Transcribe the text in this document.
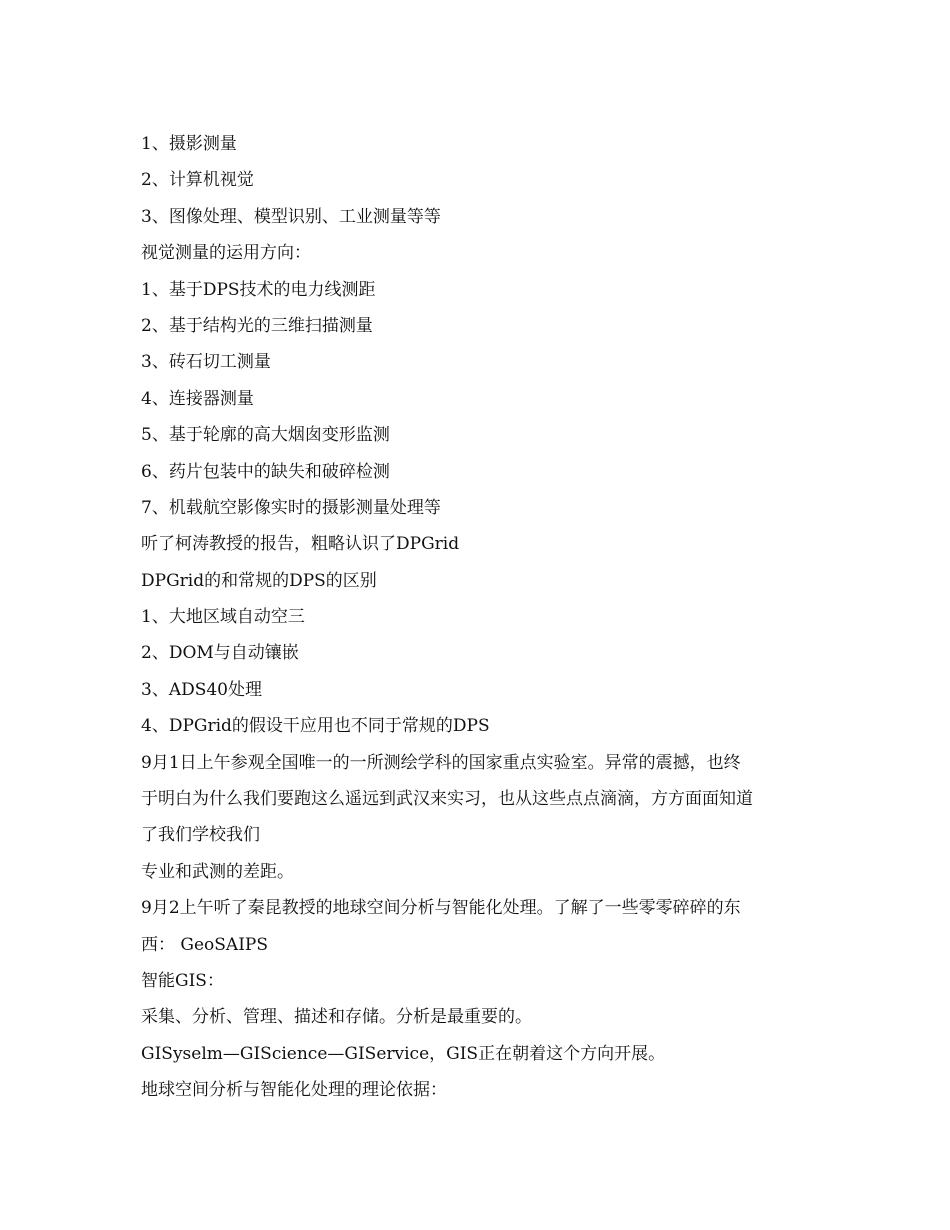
1、摄影测量
2、计算机视觉
3、图像处理、模型识别、工业测量等等
视觉测量的运用方向：
1、基于DPS技术的电力线测距
2、基于结构光的三维扫描测量
3、砖石切工测量
4、连接器测量
5、基于轮廓的高大烟囱变形监测
6、药片包装中的缺失和破碎检测
7、机载航空影像实时的摄影测量处理等
听了柯涛教授的报告，粗略认识了DPGrid
DPGrid的和常规的DPS的区别
1、大地区域自动空三
2、DOM与自动镶嵌
3、ADS40处理
4、DPGrid的假设干应用也不同于常规的DPS
9月1日上午参观全国唯一的一所测绘学科的国家重点实验室。异常的震撼，也终
于明白为什么我们要跑这么遥远到武汉来实习，也从这些点点滴滴，方方面面知道
了我们学校我们
专业和武测的差距。
9月2上午听了秦昆教授的地球空间分析与智能化处理。了解了一些零零碎碎的东
西： GeoSAIPS
智能GIS：
采集、分析、管理、描述和存储。分析是最重要的。
GISyselm—GIScience—GIService，GIS正在朝着这个方向开展。
地球空间分析与智能化处理的理论依据：
